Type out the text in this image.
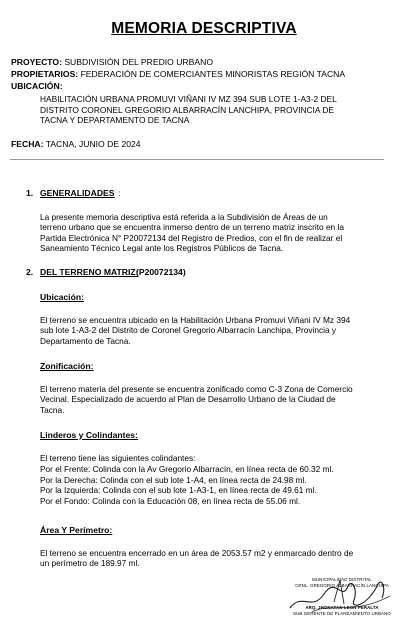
MEMORIA DESCRIPTIVA
PROYECTO: SUBDIVISIÓN DEL PREDIO URBANO
PROPIETARIOS: FEDERACIÓN DE COMERCIANTES MINORISTAS REGIÓN TACNA
UBICACIÓN:
HABILITACIÓN URBANA PROMUVI VIÑANI IV MZ 394 SUB LOTE 1-A3-2 DEL
DISTRITO CORONEL GREGORIO ALBARRACÍN LANCHIPA, PROVINCIA DE
TACNA Y DEPARTAMENTO DE TACNA
FECHA: TACNA, JUNIO DE 2024
1. GENERALIDADES :
La presente memoria descriptiva está referida a la Subdivisión de Áreas de un
terreno urbano que se encuentra inmerso dentro de un terreno matriz inscrito en la
Partida Electrónica N° P20072134 del Registro de Predios, con el fin de realizar el
Saneamiento Técnico Legal ante los Registros Públicos de Tacna.
2. DEL TERRENO MATRIZ:
(P20072134)
Ubicación:
El terreno se encuentra ubicado en la Habilitación Urbana Promuvi Viñani IV Mz 394
sub lote 1-A3-2 del Distrito de Coronel Gregorio Albarracín Lanchipa, Provincia y
Departamento de Tacna.
Zonificación:
El terreno materia del presente se encuentra zonificado como C-3 Zona de Comercio
Vecinal. Especializado de acuerdo al Plan de Desarrollo Urbano de la Ciudad de
Tacna.
Linderos y Colindantes:
El terreno tiene las siguientes colindantes:
Por el Frente: Colinda con la Av Gregorio Albarracín, en línea recta de 60.32 ml.
Por la Derecha: Colinda con el sub lote 1-A4, en línea recta de 24.98 ml.
Por la Izquierda: Colinda con el sub lote 1-A3-1, en línea recta de 49.61 ml.
Por el Fondo: Colinda con la Educación 08, en línea recta de 55.06 ml.
Área Y Perímetro:
El terreno se encuentra encerrado en un área de 2053.57 m2 y enmarcado dentro de
un perímetro de 189.97 ml.
MUNICIPALIDAD DISTRITAL
CRNL. GREGORIO ALBARRACÍN LANCHIPA
ARQ. JHONATAN LEON PERALTA
SUB GERENTE DE PLANEAMIENTO URBANO
